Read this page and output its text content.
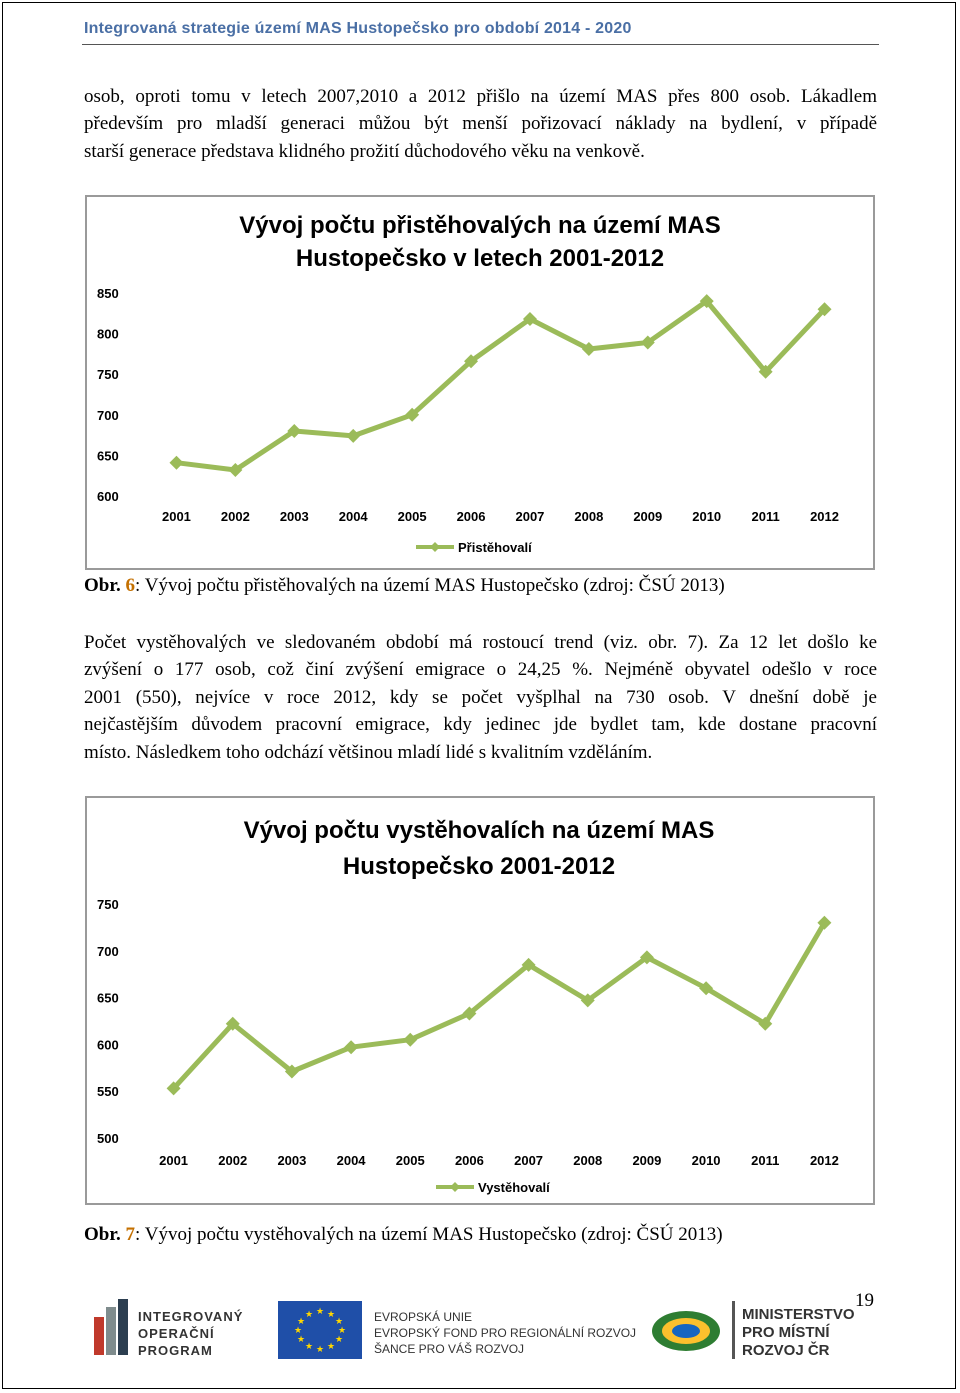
Integrovaná strategie území MAS Hustopečsko pro období 2014 - 2020
osob, oproti tomu v letech 2007,2010 a 2012 přišlo na území MAS přes 800 osob. Lákadlem
především pro mladší generaci můžou být menší pořizovací náklady na bydlení, v případě
starší generace představa klidného prožití důchodového věku na venkově.
Vývoj počtu přistěhovalých na území MAS
Hustopečsko v letech 2001-2012
600
650
700
750
800
850
2001 2002 2003 2004 2005 2006 2007 2008 2009 2010 2011 2012
Přistěhovalí
Obr. 6: Vývoj počtu přistěhovalých na území MAS Hustopečsko (zdroj: ČSÚ 2013)
Počet vystěhovalých ve sledovaném období má rostoucí trend (viz. obr. 7). Za 12 let došlo ke
zvýšení o 177 osob, což činí zvýšení emigrace o 24,25 %. Nejméně obyvatel odešlo v roce
2001 (550), nejvíce v roce 2012, kdy se počet vyšplhal na 730 osob. V dnešní době je
nejčastějším důvodem pracovní emigrace, kdy jedinec jde bydlet tam, kde dostane pracovní
místo. Následkem toho odchází většinou mladí lidé s kvalitním vzděláním.
Vývoj počtu vystěhovalích na území MAS
Hustopečsko 2001-2012
500
550
600
650
700
750
2001 2002 2003 2004 2005 2006 2007 2008 2009 2010 2011 2012
Vystěhovalí
Obr. 7: Vývoj počtu vystěhovalých na území MAS Hustopečsko (zdroj: ČSÚ 2013)
19
INTEGROVANÝ
OPERAČNÍ
PROGRAM
★ ★
★
★
★
★
★
★
★
★
★
★	EVROPSKÁ UNIE
EVROPSKÝ FOND PRO REGIONÁLNÍ ROZVOJ
ŠANCE PRO VÁŠ ROZVOJ
MINISTERSTVO
PRO MÍSTNÍ
ROZVOJ ČR
